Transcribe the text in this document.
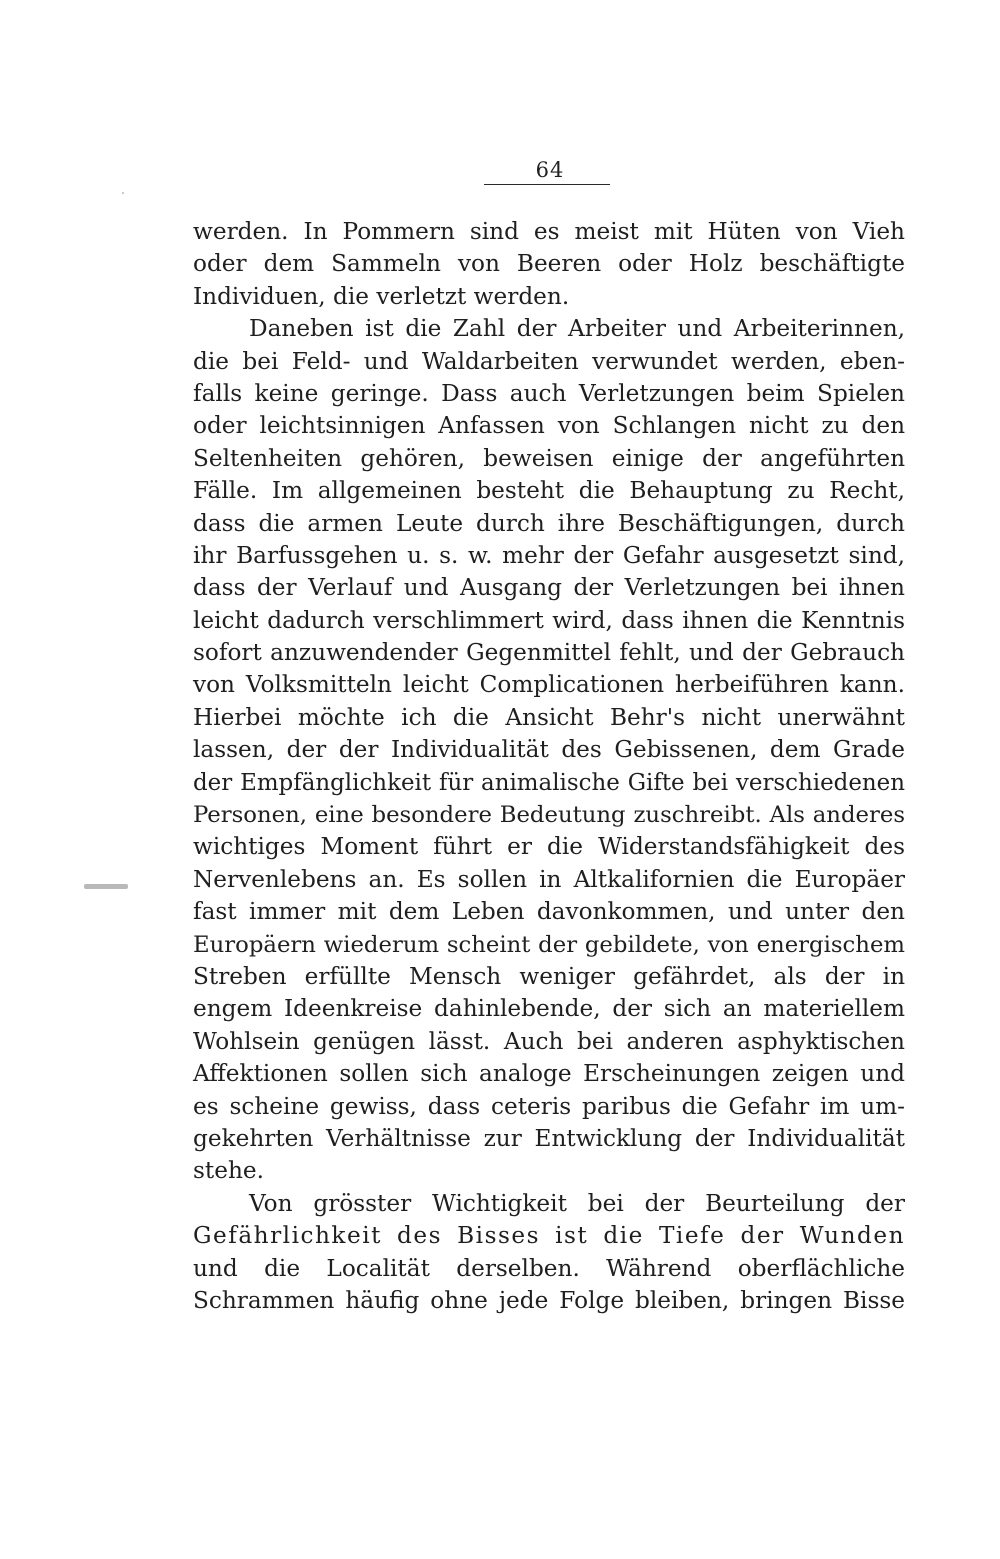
64
werden. In Pommern sind es meist mit Hüten von Vieh
oder dem Sammeln von Beeren oder Holz beschäftigte
Individuen, die verletzt werden.
Daneben ist die Zahl der Arbeiter und Arbeiterinnen,
die bei Feld- und Waldarbeiten verwundet werden, eben-
falls keine geringe. Dass auch Verletzungen beim Spielen
oder leichtsinnigen Anfassen von Schlangen nicht zu den
Seltenheiten gehören, beweisen einige der angeführten
Fälle. Im allgemeinen besteht die Behauptung zu Recht,
dass die armen Leute durch ihre Beschäftigungen, durch
ihr Barfussgehen u. s. w. mehr der Gefahr ausgesetzt sind,
dass der Verlauf und Ausgang der Verletzungen bei ihnen
leicht dadurch verschlimmert wird, dass ihnen die Kenntnis
sofort anzuwendender Gegenmittel fehlt, und der Gebrauch
von Volksmitteln leicht Complicationen herbeiführen kann.
Hierbei möchte ich die Ansicht Behr's nicht unerwähnt
lassen, der der Individualität des Gebissenen, dem Grade
der Empfänglichkeit für animalische Gifte bei verschiedenen
Personen, eine besondere Bedeutung zuschreibt. Als anderes
wichtiges Moment führt er die Widerstandsfähigkeit des
Nervenlebens an. Es sollen in Altkalifornien die Europäer
fast immer mit dem Leben davonkommen, und unter den
Europäern wiederum scheint der gebildete, von energischem
Streben erfüllte Mensch weniger gefährdet, als der in
engem Ideenkreise dahinlebende, der sich an materiellem
Wohlsein genügen lässt. Auch bei anderen asphyktischen
Affektionen sollen sich analoge Erscheinungen zeigen und
es scheine gewiss, dass ceteris paribus die Gefahr im um-
gekehrten Verhältnisse zur Entwicklung der Individualität
stehe.
Von grösster Wichtigkeit bei der Beurteilung der
Gefährlichkeit des Bisses ist die Tiefe der Wunden
und die Localität derselben. Während oberflächliche
Schrammen häufig ohne jede Folge bleiben, bringen Bisse
